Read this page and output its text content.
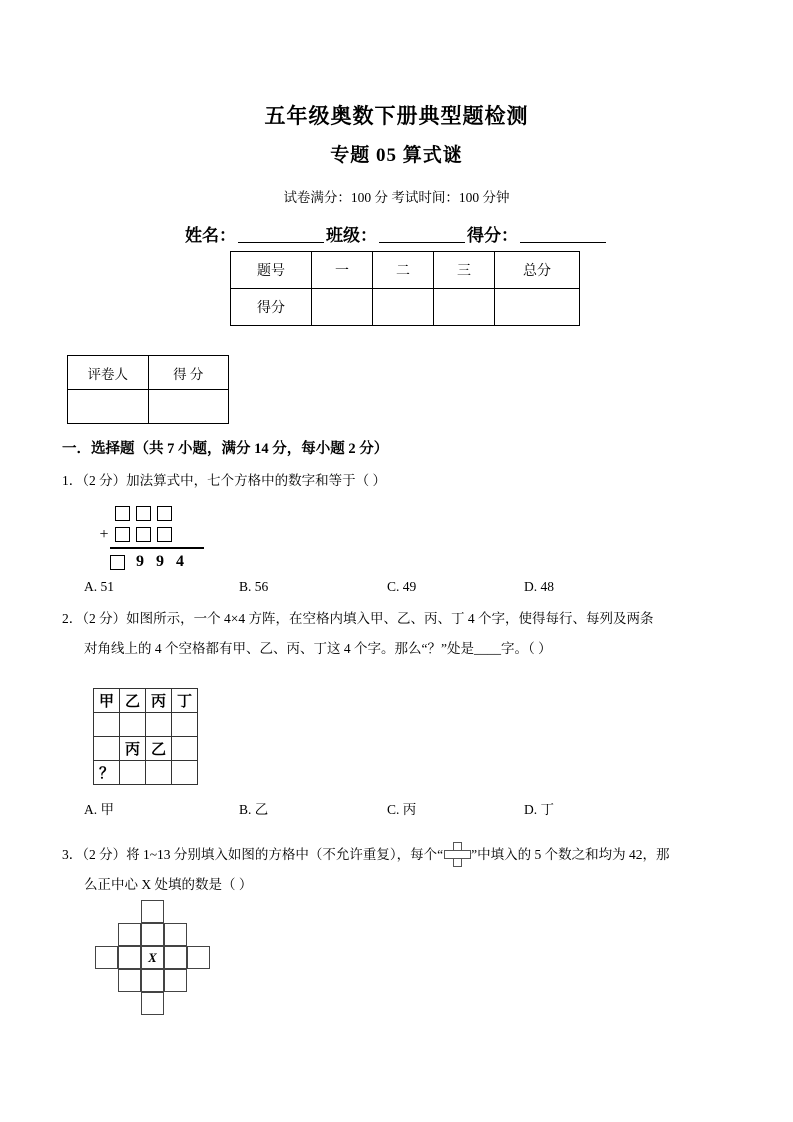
五年级奥数下册典型题检测
专题 05 算式谜
试卷满分：100 分 考试时间：100 分钟
姓名：	班级：	得分：
题号	一	二	三	总分
得分				
评卷人	得 分

一．选择题（共 7 小题，满分 14 分，每小题 2 分）
1．（2 分）加法算式中，七个方格中的数字和等于（ ）
+
9 9 4
A. 51	B. 56	C. 49	D. 48
2．（2 分）如图所示，一个 4×4 方阵，在空格内填入甲、乙、丙、丁 4 个字，使得每行、每列及两条
对角线上的 4 个空格都有甲、乙、丙、丁这 4 个字。那么“？”处是____字。（ ）
甲	乙	丙	丁

	丙	乙	
？			
A. 甲	B. 乙	C. 丙	D. 丁
3．（2 分）将 1~13 分别填入如图的方格中（不允许重复），每个“ ”中填入的 5 个数之和均为 42，那
么正中心 X 处填的数是（ ）
X
